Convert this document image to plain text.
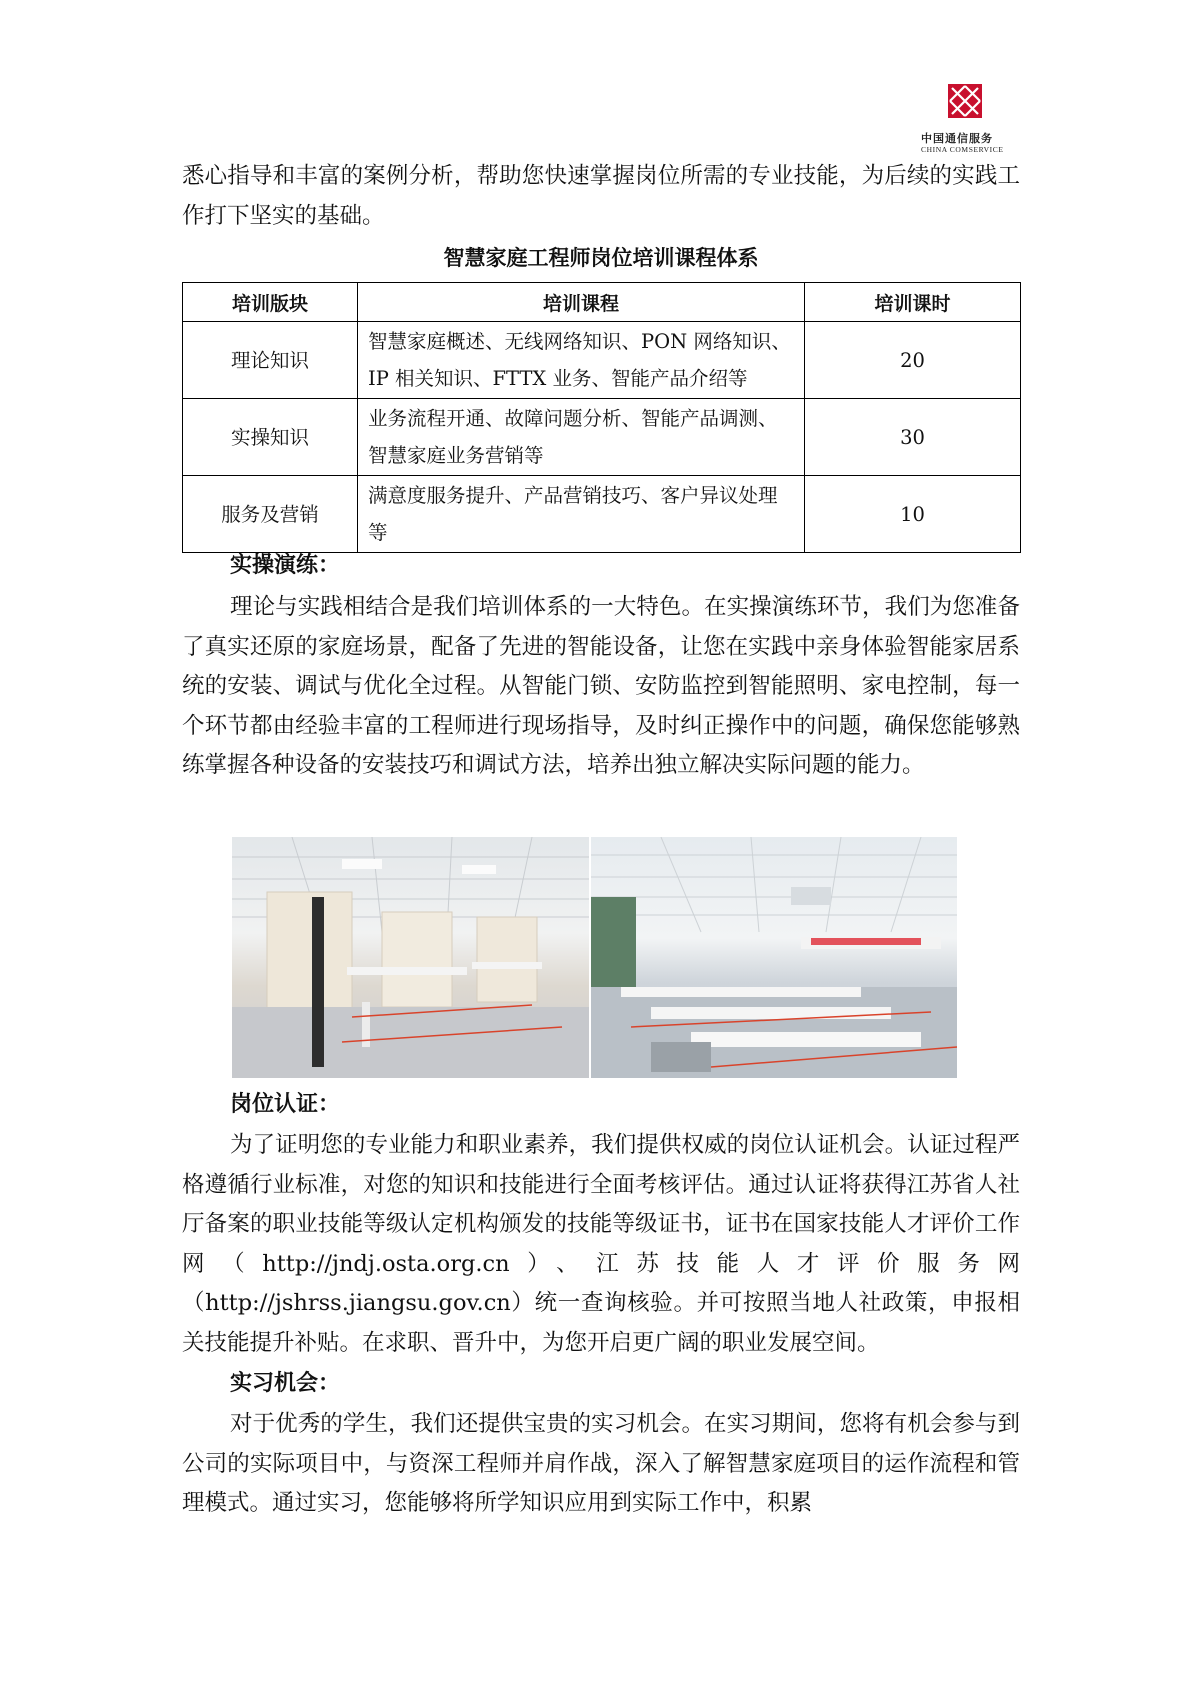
中国通信服务
CHINA COMSERVICE

悉心指导和丰富的案例分析，帮助您快速掌握岗位所需的专业技能，为后续的实践工作打下坚实的基础。

智慧家庭工程师岗位培训课程体系
培训版块	培训课程	培训课时
理论知识	智慧家庭概述、无线网络知识、PON 网络知识、IP 相关知识、FTTX 业务、智能产品介绍等	20
实操知识	业务流程开通、故障问题分析、智能产品调测、智慧家庭业务营销等	30
服务及营销	满意度服务提升、产品营销技巧、客户异议处理等	10
实操演练：

理论与实践相结合是我们培训体系的一大特色。在实操演练环节，我们为您准备了真实还原的家庭场景，配备了先进的智能设备，让您在实践中亲身体验智能家居系统的安装、调试与优化全过程。从智能门锁、安防监控到智能照明、家电控制，每一个环节都由经验丰富的工程师进行现场指导，及时纠正操作中的问题，确保您能够熟练掌握各种设备的安装技巧和调试方法，培养出独立解决实际问题的能力。

岗位认证：

为了证明您的专业能力和职业素养，我们提供权威的岗位认证机会。认证过程严格遵循行业标准，对您的知识和技能进行全面考核评估。通过认证将获得江苏省人社厅备案的职业技能等级认定机构颁发的技能等级证书，证书在国家技能人才评价工作网（http://jndj.osta.org.cn）、江苏技能人才评价服务网（http://jshrss.jiangsu.gov.cn）统一查询核验。并可按照当地人社政策，申报相关技能提升补贴。在求职、晋升中，为您开启更广阔的职业发展空间。

实习机会：

对于优秀的学生，我们还提供宝贵的实习机会。在实习期间，您将有机会参与到公司的实际项目中，与资深工程师并肩作战，深入了解智慧家庭项目的运作流程和管理模式。通过实习，您能够将所学知识应用到实际工作中，积累
